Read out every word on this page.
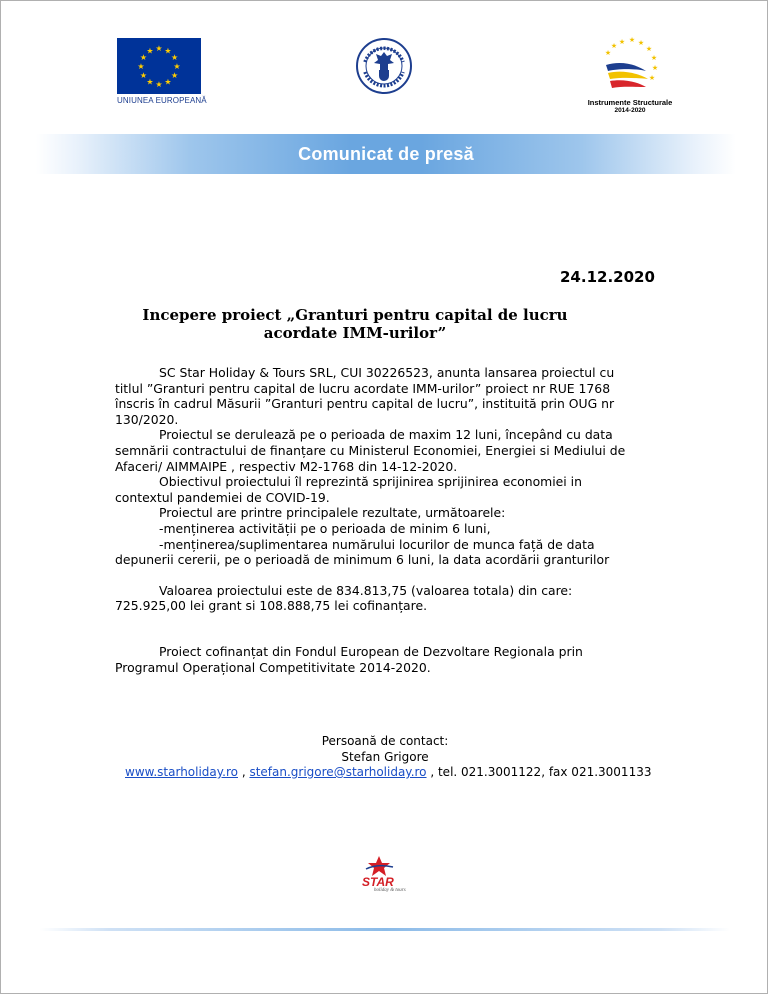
★ ★
★
★
★
★
★
★
★
★
★
★
UNIUNEA EUROPEANĂ
★ ★ ★
★
★
★
★
★
★
Instrumente Structurale
2014-2020
Comunicat de presă
24.12.2020
Incepere proiect „Granturi pentru capital de lucru
acordate IMM-urilor”

SC Star Holiday & Tours SRL, CUI 30226523, anunta lansarea proiectul cu

titlul ”Granturi pentru capital de lucru acordate IMM-urilor” proiect nr RUE 1768

înscris în cadrul Măsurii ”Granturi pentru capital de lucru”, instituită prin OUG nr

130/2020.

Proiectul se derulează pe o perioada de maxim 12 luni, începând cu data

semnării contractului de finanțare cu Ministerul Economiei, Energiei si Mediului de

Afaceri/ AIMMAIPE , respectiv M2-1768 din 14-12-2020.

Obiectivul proiectului îl reprezintă sprijinirea sprijinirea economiei in

contextul pandemiei de COVID-19.

Proiectul are printre principalele rezultate, următoarele:

-menținerea activității pe o perioada de minim 6 luni,

-menținerea/suplimentarea numărului locurilor de munca față de data

depunerii cererii, pe o perioadă de minimum 6 luni, la data acordării granturilor

Valoarea proiectului este de 834.813,75 (valoarea totala) din care:

725.925,00 lei grant si 108.888,75 lei cofinanțare.

Proiect cofinanțat din Fondul European de Dezvoltare Regionala prin

Programul Operațional Competitivitate 2014-2020.

Persoană de contact:
Stefan Grigore
www.starholiday.ro , stefan.grigore@starholiday.ro , tel. 021.3001122, fax 021.3001133
STAR
holiday & tours
